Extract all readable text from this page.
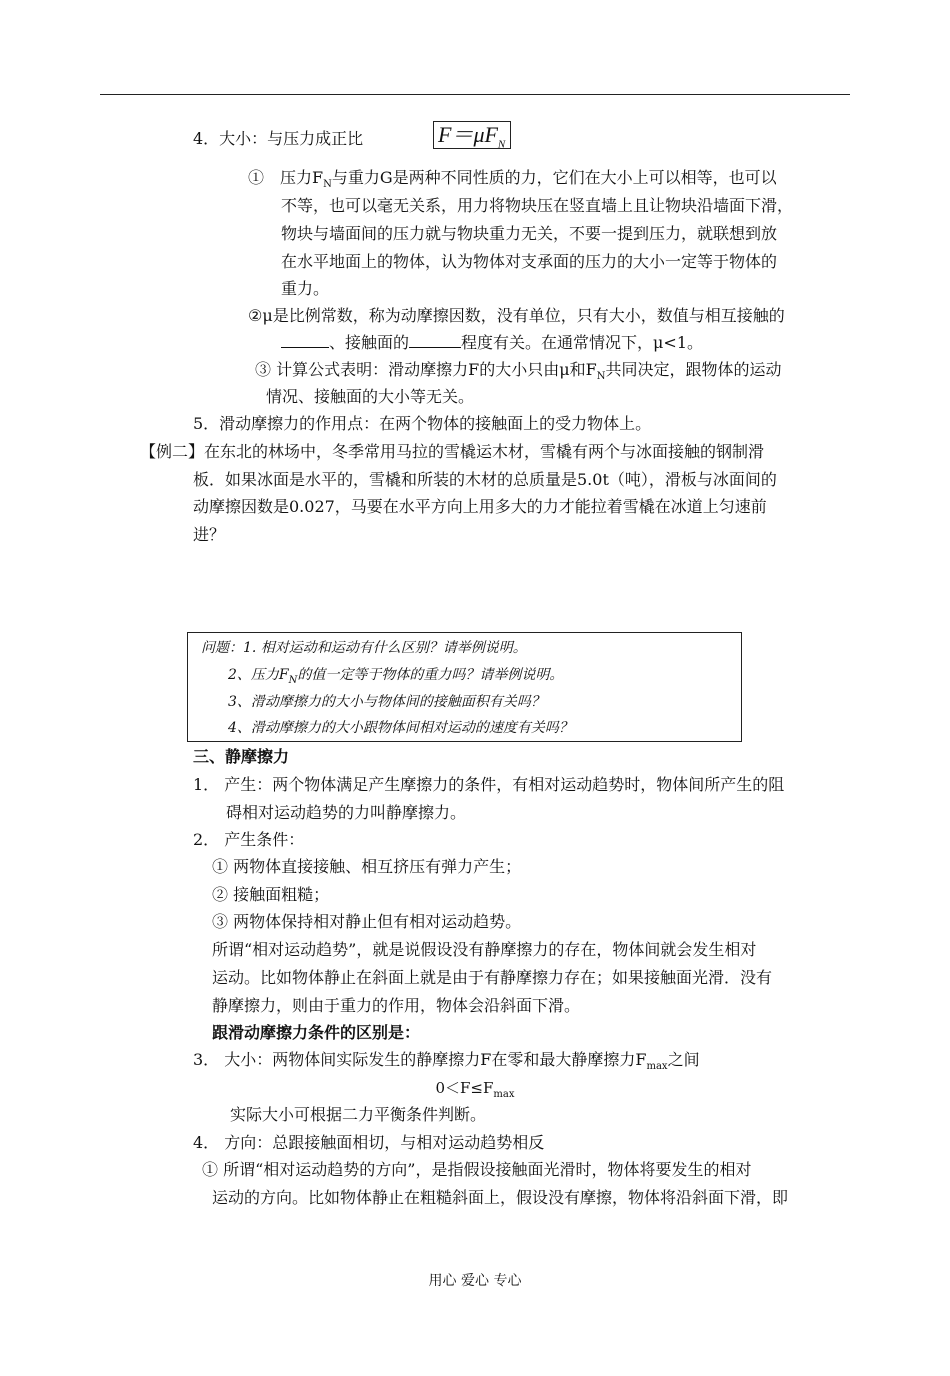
4．大小：与压力成正比	$F=\mu F_N$
①　压力$F_N$与重力G是两种不同性质的力，它们在大小上可以相等，也可以
不等，也可以毫无关系，用力将物块压在竖直墙上且让物块沿墙面下滑，
物块与墙面间的压力就与物块重力无关，不要一提到压力，就联想到放
在水平地面上的物体，认为物体对支承面的压力的大小一定等于物体的
重力。
②μ是比例常数，称为动摩擦因数，没有单位，只有大小，数值与相互接触的
、接触面的	程度有关。在通常情况下，μ<1。
③ 计算公式表明：滑动摩擦力F的大小只由μ和$F_N$共同决定，跟物体的运动
情况、接触面的大小等无关。
5．滑动摩擦力的作用点：在两个物体的接触面上的受力物体上。
【例二】在东北的林场中，冬季常用马拉的雪橇运木材，雪橇有两个与冰面接触的钢制滑
板．如果冰面是水平的，雪橇和所装的木材的总质量是5.0t（吨），滑板与冰面间的
动摩擦因数是0.027，马要在水平方向上用多大的力才能拉着雪橇在冰道上匀速前
进？
问题：1. 相对运动和运动有什么区别？请举例说明。
2、压力$F_N$的值一定等于物体的重力吗？请举例说明。
3、滑动摩擦力的大小与物体间的接触面积有关吗？
4、滑动摩擦力的大小跟物体间相对运动的速度有关吗？
三、静摩擦力
1． 产生：两个物体满足产生摩擦力的条件，有相对运动趋势时，物体间所产生的阻
碍相对运动趋势的力叫静摩擦力。
2． 产生条件：
① 两物体直接接触、相互挤压有弹力产生；
② 接触面粗糙；
③ 两物体保持相对静止但有相对运动趋势。
所谓“相对运动趋势”，就是说假设没有静摩擦力的存在，物体间就会发生相对
运动。比如物体静止在斜面上就是由于有静摩擦力存在；如果接触面光滑．没有
静摩擦力，则由于重力的作用，物体会沿斜面下滑。
跟滑动摩擦力条件的区别是：
3． 大小：两物体间实际发生的静摩擦力F在零和最大静摩擦力$F_{max}$之间
$0<F\le F_{max}$
实际大小可根据二力平衡条件判断。
4． 方向：总跟接触面相切，与相对运动趋势相反
① 所谓“相对运动趋势的方向”，是指假设接触面光滑时，物体将要发生的相对
运动的方向。比如物体静止在粗糙斜面上，假设没有摩擦，物体将沿斜面下滑，即
用心 爱心 专心
